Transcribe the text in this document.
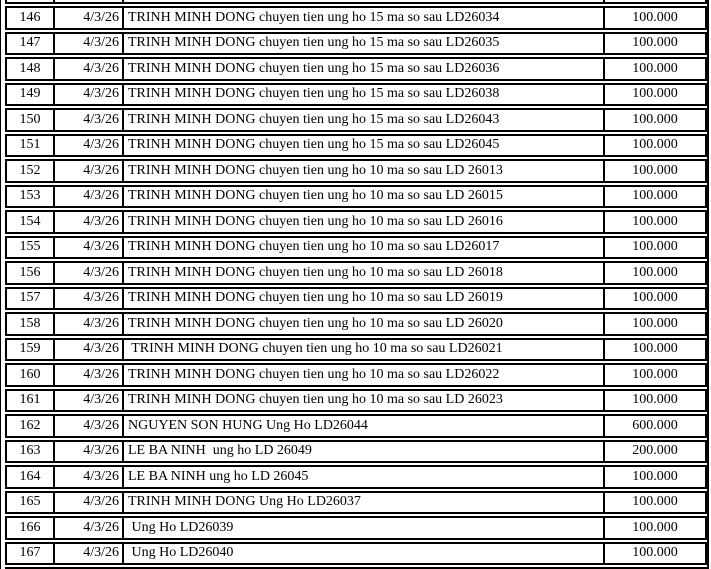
146	4/3/26 TRINH MINH DONG chuyen tien ung ho 15 ma so sau LD26034	100.000
147	4/3/26 TRINH MINH DONG chuyen tien ung ho 15 ma so sau LD26035	100.000
148	4/3/26 TRINH MINH DONG chuyen tien ung ho 15 ma so sau LD26036	100.000
149	4/3/26 TRINH MINH DONG chuyen tien ung ho 15 ma so sau LD26038	100.000
150	4/3/26 TRINH MINH DONG chuyen tien ung ho 15 ma so sau LD26043	100.000
151	4/3/26 TRINH MINH DONG chuyen tien ung ho 15 ma so sau LD26045	100.000
152	4/3/26 TRINH MINH DONG chuyen tien ung ho 10 ma so sau LD 26013	100.000
153	4/3/26 TRINH MINH DONG chuyen tien ung ho 10 ma so sau LD 26015	100.000
154	4/3/26 TRINH MINH DONG chuyen tien ung ho 10 ma so sau LD 26016	100.000
155	4/3/26 TRINH MINH DONG chuyen tien ung ho 10 ma so sau LD26017	100.000
156	4/3/26 TRINH MINH DONG chuyen tien ung ho 10 ma so sau LD 26018	100.000
157	4/3/26 TRINH MINH DONG chuyen tien ung ho 10 ma so sau LD 26019	100.000
158	4/3/26 TRINH MINH DONG chuyen tien ung ho 10 ma so sau LD 26020	100.000
159	4/3/26 TRINH MINH DONG chuyen tien ung ho 10 ma so sau LD26021	100.000
160	4/3/26 TRINH MINH DONG chuyen tien ung ho 10 ma so sau LD26022	100.000
161	4/3/26 TRINH MINH DONG chuyen tien ung ho 10 ma so sau LD 26023	100.000
162	4/3/26 NGUYEN SON HUNG Ung Ho LD26044	600.000
163	4/3/26 LE BA NINH  ung ho LD 26049	200.000
164	4/3/26 LE BA NINH ung ho LD 26045	100.000
165	4/3/26 TRINH MINH DONG Ung Ho LD26037	100.000
166	4/3/26 Ung Ho LD26039	100.000
167	4/3/26 Ung Ho LD26040	100.000
